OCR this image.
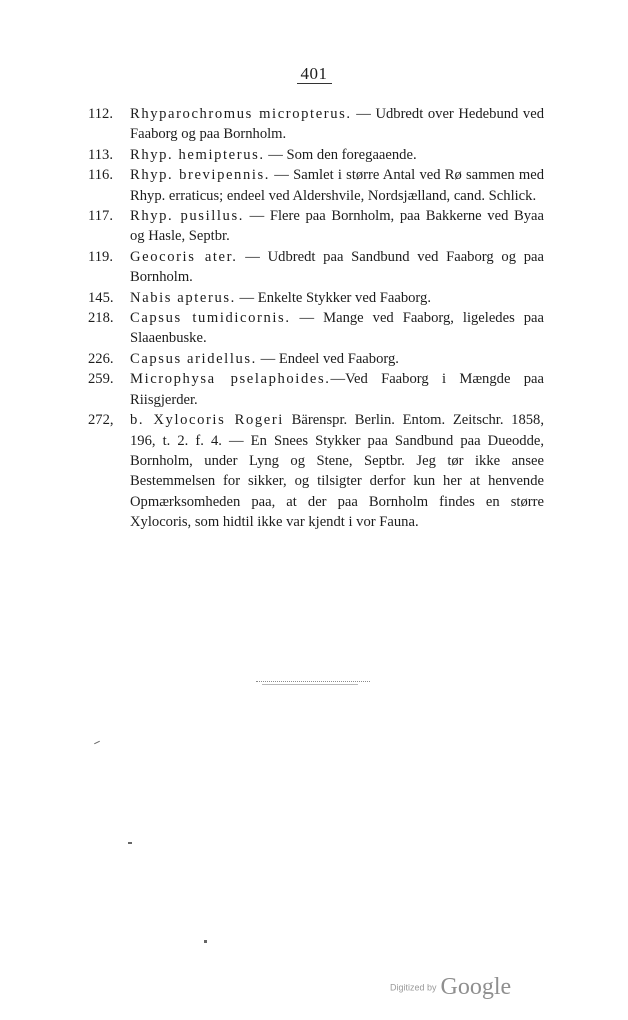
401
112.	Rhyparochromus micropterus. — Udbredt over Hedebund ved Faaborg og paa Bornholm.
113.	Rhyp. hemipterus. — Som den foregaaende.
116.	Rhyp. brevipennis. — Samlet i større Antal ved Rø sammen med Rhyp. erraticus; endeel ved Aldershvile, Nordsjælland, cand. Schlick.
117.	Rhyp. pusillus. — Flere paa Bornholm, paa Bakkerne ved Byaa og Hasle, Septbr.
119.	Geocoris ater. — Udbredt paa Sandbund ved Faaborg og paa Bornholm.
145.	Nabis apterus. — Enkelte Stykker ved Faaborg.
218.	Capsus tumidicornis. — Mange ved Faaborg, ligeledes paa Slaaenbuske.
226.	Capsus aridellus. — Endeel ved Faaborg.
259.	Microphysa pselaphoides.—Ved Faaborg i Mængde paa Riisgjerder.
272,	b. Xylocoris Rogeri Bärenspr. Berlin. Entom. Zeitschr. 1858, 196, t. 2. f. 4. — En Snees Stykker paa Sandbund paa Dueodde, Bornholm, under Lyng og Stene, Septbr. Jeg tør ikke ansee Bestemmelsen for sikker, og tilsigter derfor kun her at henvende Opmærksomheden paa, at der paa Bornholm findes en større Xylocoris, som hidtil ikke var kjendt i vor Fauna.
Digitized by Google
